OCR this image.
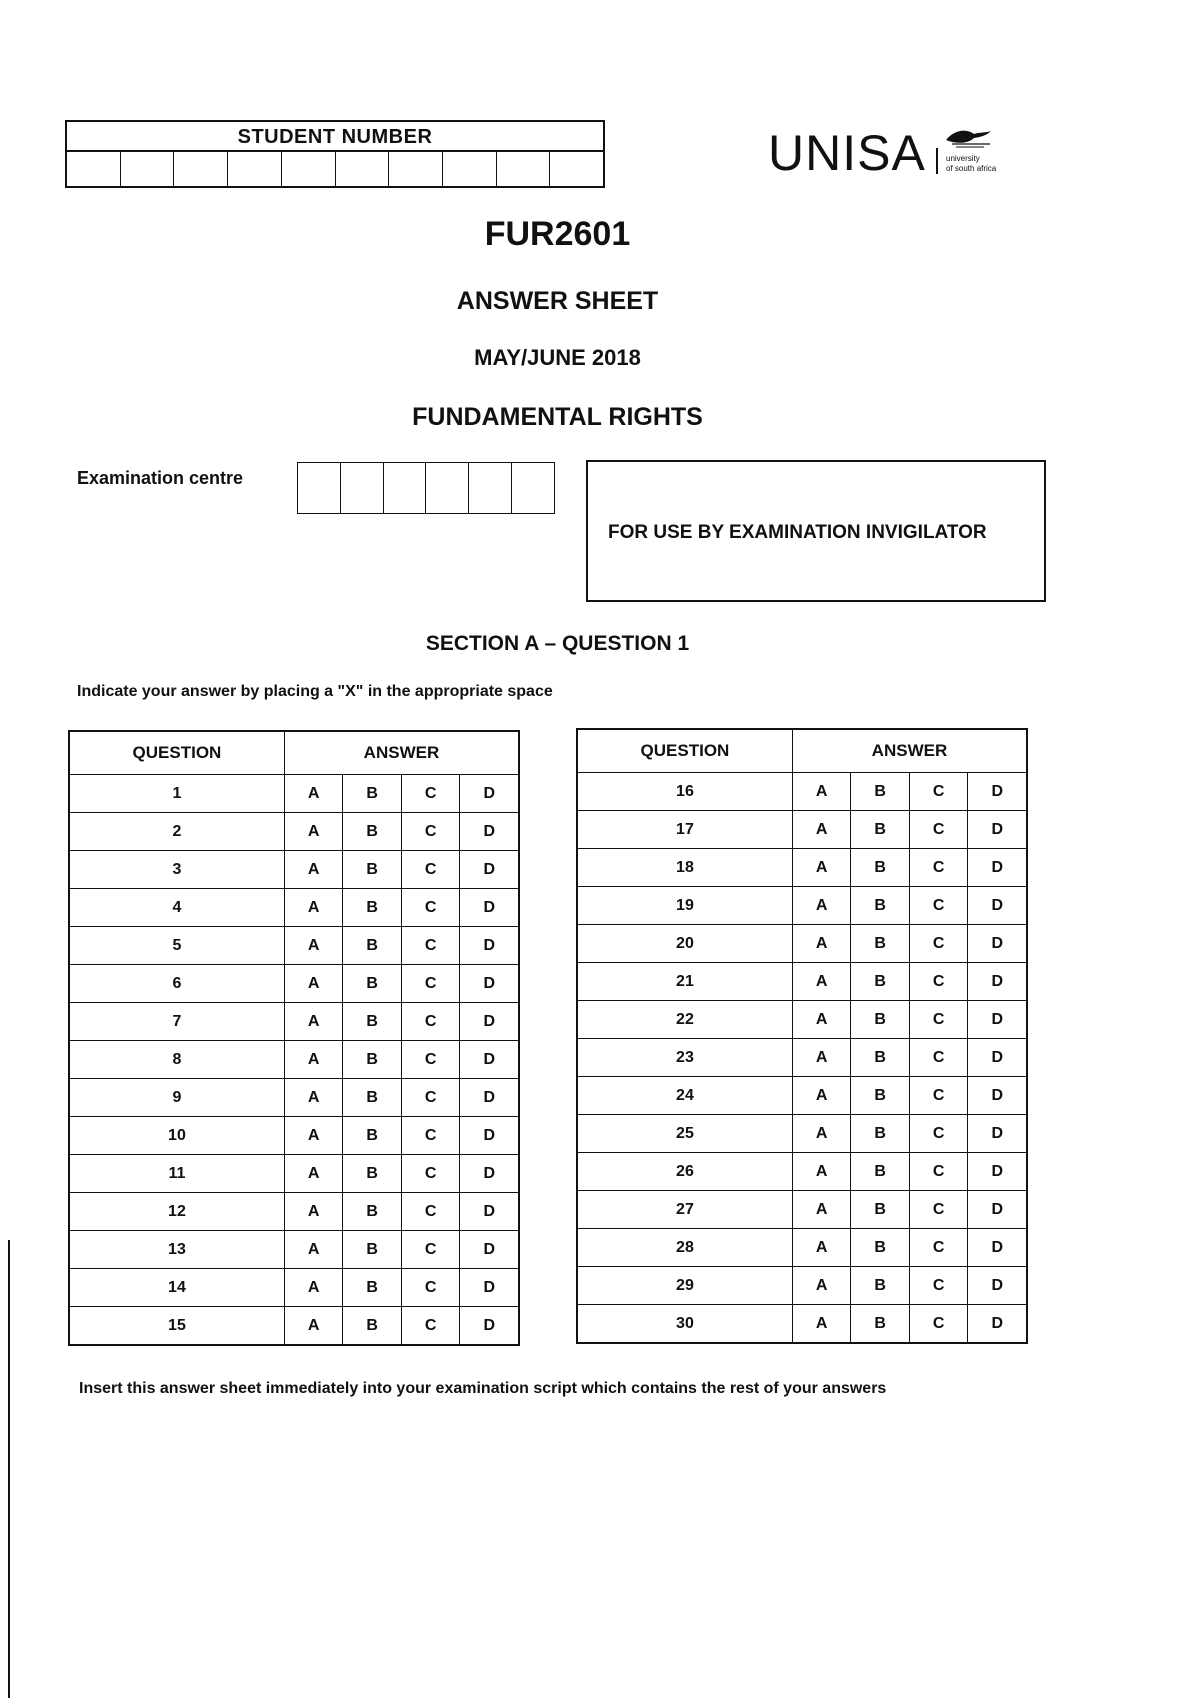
STUDENT NUMBER	UNISA	university
of south africa
FUR2601
ANSWER SHEET
MAY/JUNE 2018
FUNDAMENTAL RIGHTS
Examination centre
FOR USE BY EXAMINATION INVIGILATOR
SECTION A – QUESTION 1
Indicate your answer by placing a "X" in the appropriate space
QUESTION	ANSWER			
1	A	B	C	D
2	A	B	C	D
3	A	B	C	D
4	A	B	C	D
5	A	B	C	D
6	A	B	C	D
7	A	B	C	D
8	A	B	C	D
9	A	B	C	D
10	A	B	C	D
11	A	B	C	D
12	A	B	C	D
13	A	B	C	D
14	A	B	C	D
15	A	B	C	D
QUESTION	ANSWER			
16	A	B	C	D
17	A	B	C	D
18	A	B	C	D
19	A	B	C	D
20	A	B	C	D
21	A	B	C	D
22	A	B	C	D
23	A	B	C	D
24	A	B	C	D
25	A	B	C	D
26	A	B	C	D
27	A	B	C	D
28	A	B	C	D
29	A	B	C	D
30	A	B	C	D
Insert this answer sheet immediately into your examination script which contains the rest of your answers
